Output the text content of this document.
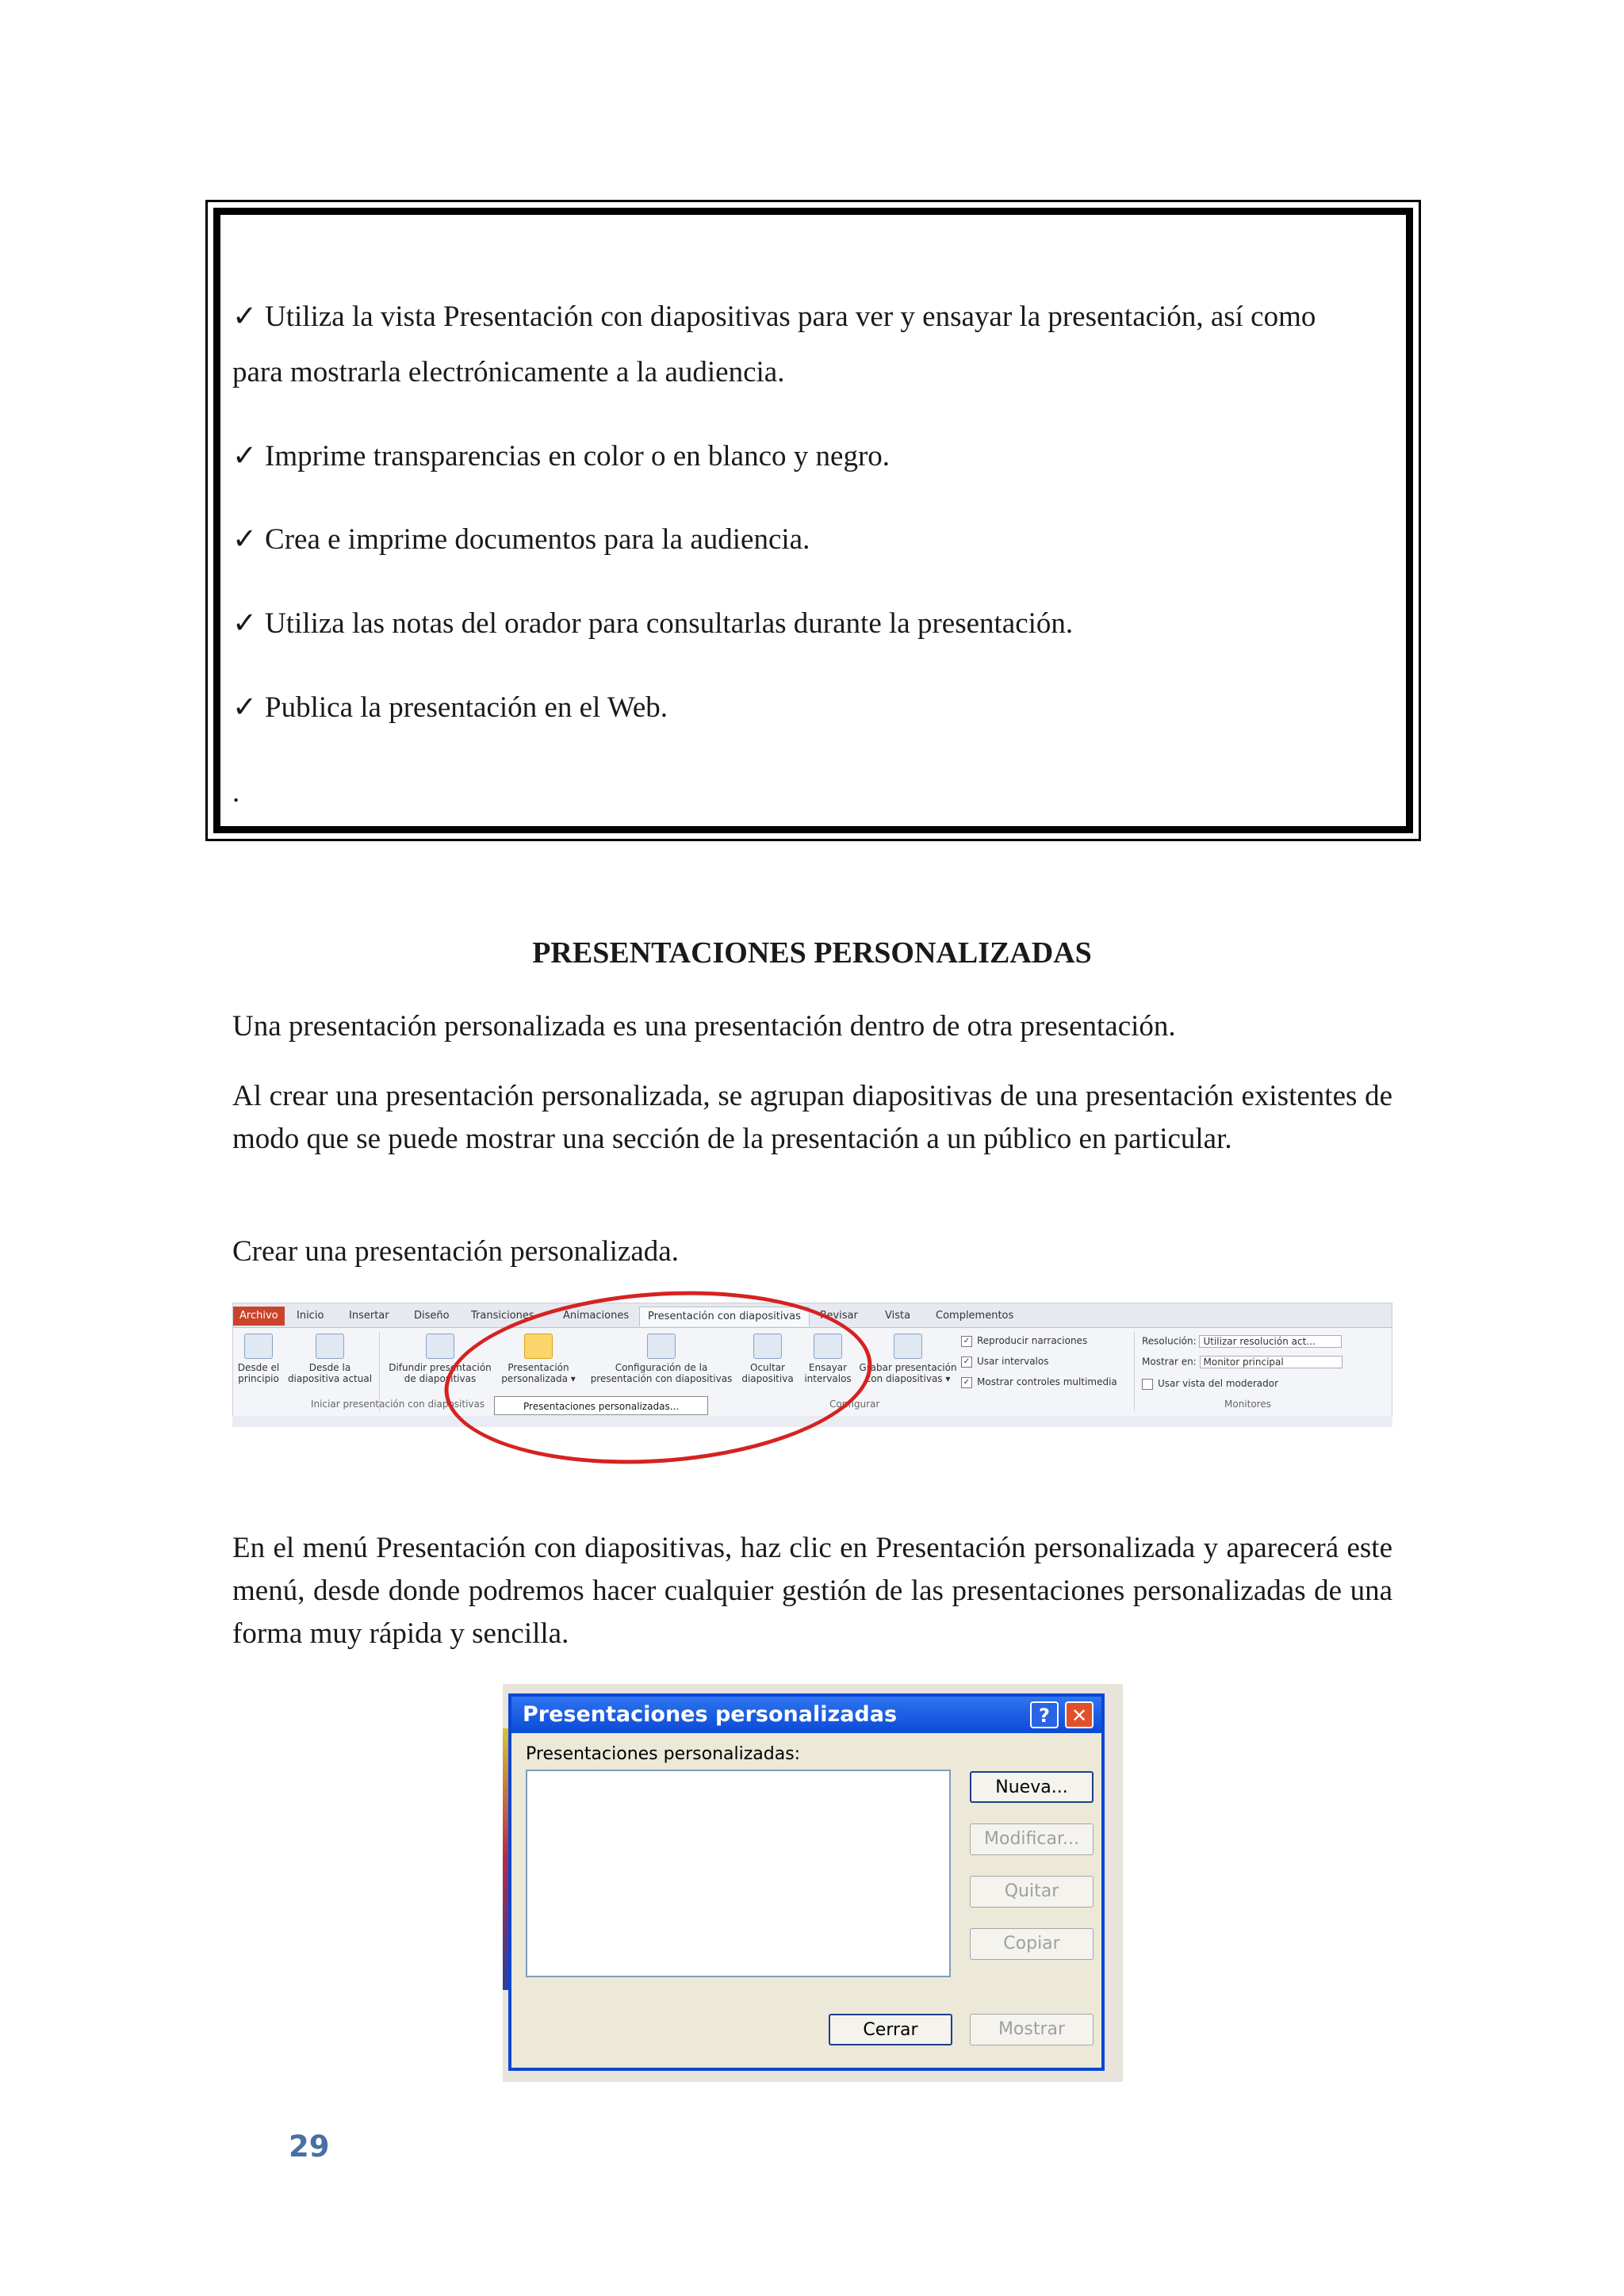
✓ Utiliza la vista Presentación con diapositivas para ver y ensayar la presentación, así como
para mostrarla electrónicamente a la audiencia.
✓ Imprime transparencias en color o en blanco y negro.
✓ Crea e imprime documentos para la audiencia.
✓ Utiliza las notas del orador para consultarlas durante la presentación.
✓ Publica la presentación en el Web.
.
PRESENTACIONES PERSONALIZADAS
Una presentación personalizada es una presentación dentro de otra presentación.
Al crear una presentación personalizada, se agrupan diapositivas de una presentación existentes de modo que se puede mostrar una sección de la presentación a un público en particular.
Crear una presentación personalizada.
Archivo	Inicio Insertar Diseño Transiciones	Animaciones	Presentación con diapositivas	Revisar	Vista Complementos
Desde el
principio
Desde la
diapositiva actual
Difundir presentación
de diapositivas
Presentación
personalizada ▾
Configuración de la
presentación con diapositivas
Ocultar
diapositiva
Ensayar
intervalos
Grabar presentación
con diapositivas ▾
✓ Reproducir narraciones
✓ Usar intervalos
✓ Mostrar controles multimedia
Resolución: Utilizar resolución act...
Mostrar en: Monitor principal
Usar vista del moderador
Iniciar presentación con diapositivas	Configurar	Monitores
Presentaciones personalizadas...
En el menú Presentación con diapositivas, haz clic en Presentación personalizada y aparecerá este menú, desde donde podremos hacer cualquier gestión de las presentaciones personalizadas de una forma muy rápida y sencilla.
Presentaciones personalizadas	?	✕
Presentaciones personalizadas:
Nueva...
Modificar...
Quitar
Copiar
Cerrar	Mostrar
29
